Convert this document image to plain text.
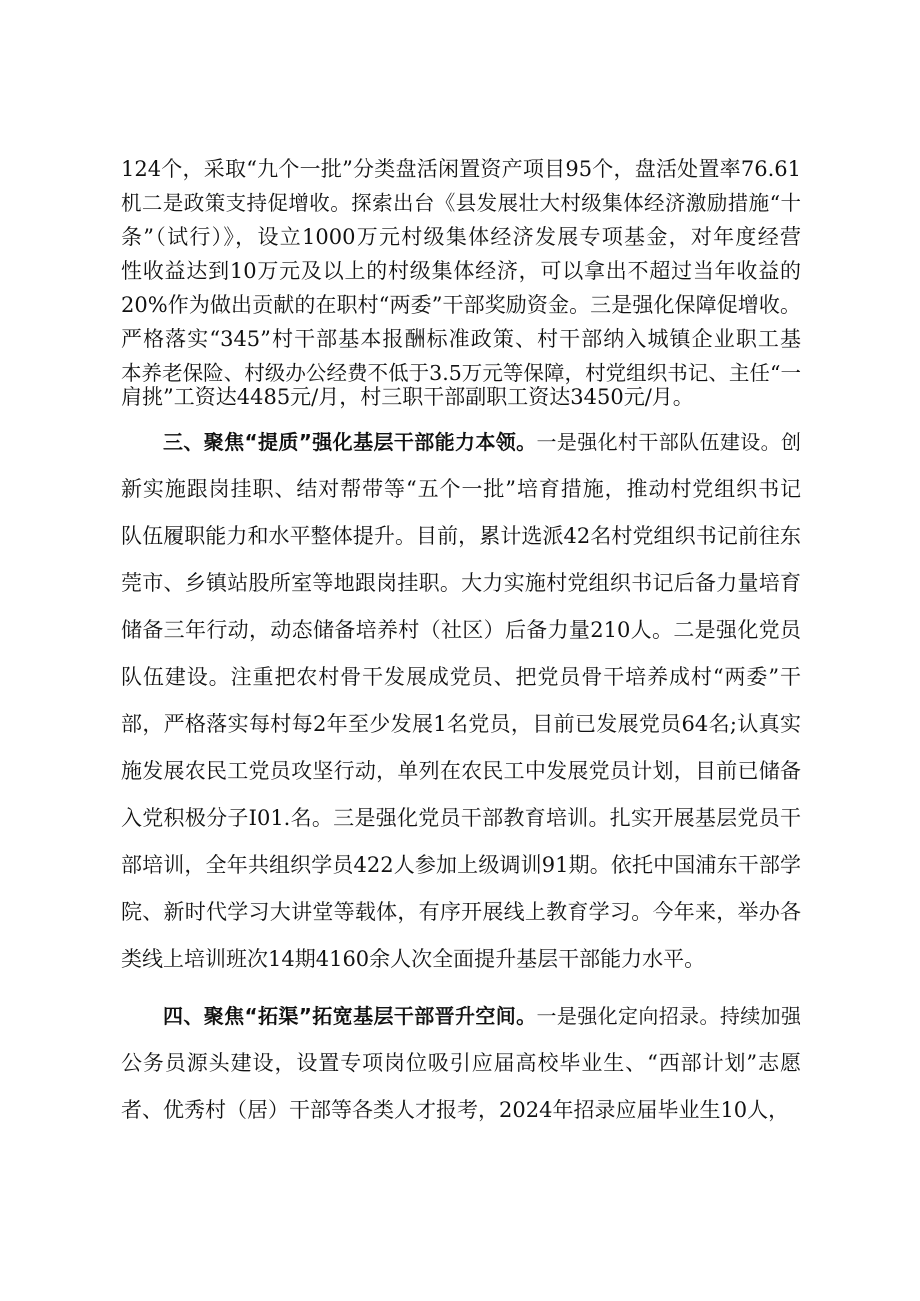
124个，采取“九个一批”分类盘活闲置资产项目95个，盘活处置率76.61
机二是政策支持促增收。探索出台《县发展壮大村级集体经济激励措施“十
条”（试行）》，设立1000万元村级集体经济发展专项基金，对年度经营
性收益达到10万元及以上的村级集体经济，可以拿出不超过当年收益的
20%作为做出贡献的在职村“两委”干部奖励资金。三是强化保障促增收。
严格落实“345”村干部基本报酬标准政策、村干部纳入城镇企业职工基
本养老保险、村级办公经费不低于3.5万元等保障，村党组织书记、主任“一
肩挑”工资达4485元/月，村三职干部副职工资达3450元/月。
三、聚焦“提质”强化基层干部能力本领。一是强化村干部队伍建设。创
新实施跟岗挂职、结对帮带等“五个一批”培育措施，推动村党组织书记
队伍履职能力和水平整体提升。目前，累计选派42名村党组织书记前往东
莞市、乡镇站股所室等地跟岗挂职。大力实施村党组织书记后备力量培育
储备三年行动，动态储备培养村（社区）后备力量210人。二是强化党员
队伍建设。注重把农村骨干发展成党员、把党员骨干培养成村“两委”干
部，严格落实每村每2年至少发展1名党员，目前已发展党员64名;认真实
施发展农民工党员攻坚行动，单列在农民工中发展党员计划，目前已储备
入党积极分子I01.名。三是强化党员干部教育培训。扎实开展基层党员干
部培训，全年共组织学员422人参加上级调训91期。依托中国浦东干部学
院、新时代学习大讲堂等载体，有序开展线上教育学习。今年来，举办各
类线上培训班次14期4160余人次全面提升基层干部能力水平。
四、聚焦“拓渠”拓宽基层干部晋升空间。一是强化定向招录。持续加强
公务员源头建设，设置专项岗位吸引应届高校毕业生、“西部计划”志愿
者、优秀村（居）干部等各类人才报考，2024年招录应届毕业生10人，
